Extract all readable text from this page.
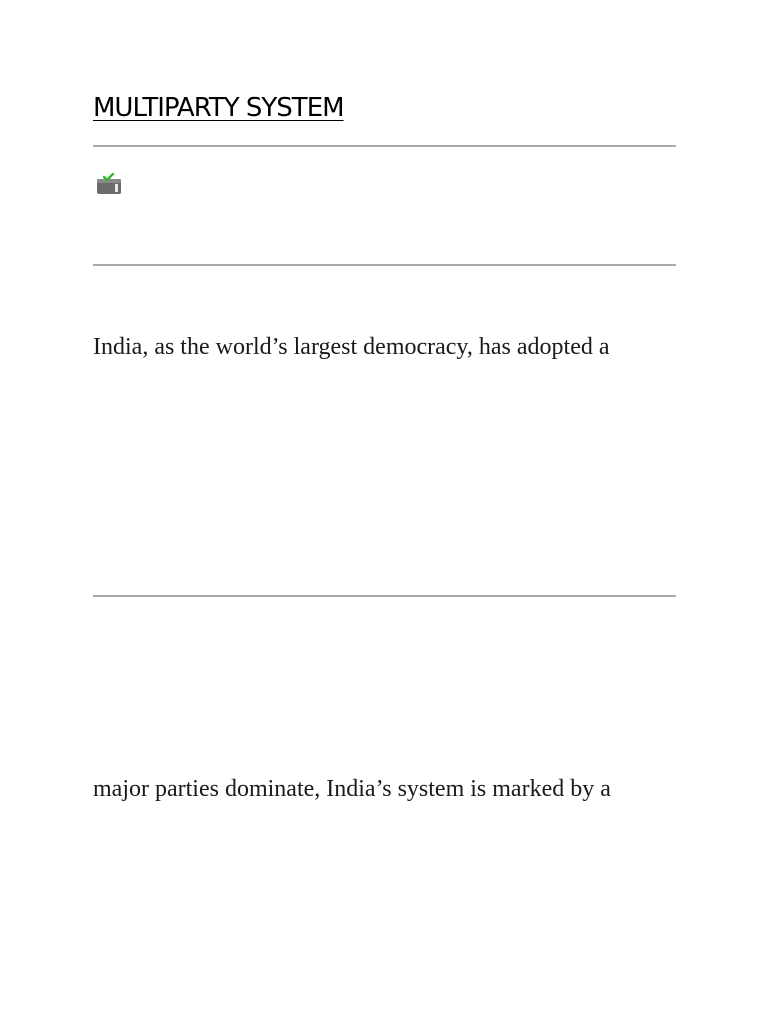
MULTIPARTY SYSTEM

India, as the world’s largest democracy, has adopted a

major parties dominate, India’s system is marked by a
